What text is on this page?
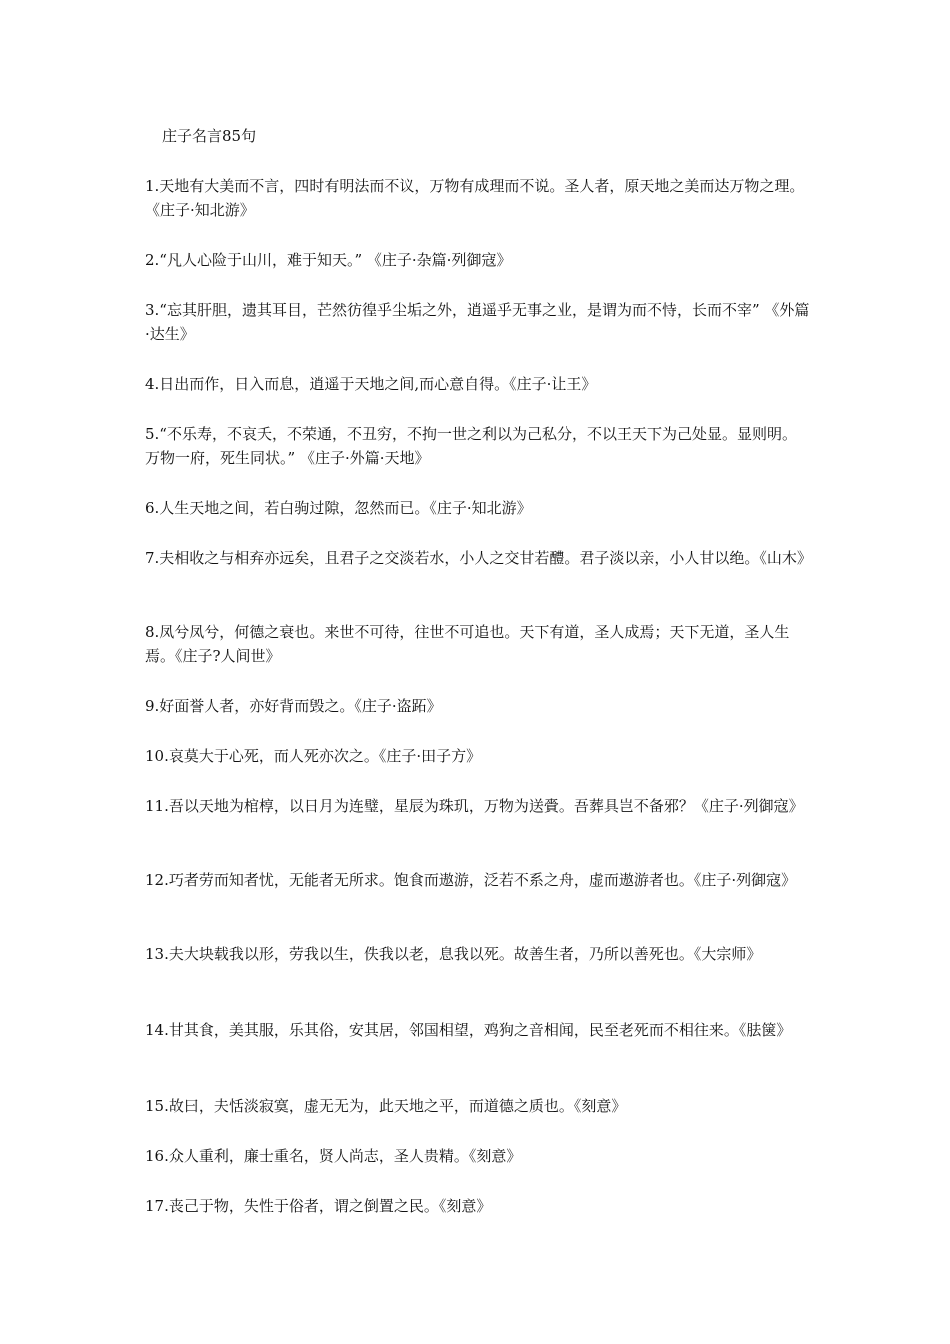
庄子名言85句

1.天地有大美而不言，四时有明法而不议，万物有成理而不说。圣人者，原天地之美而达万物之理。《庄子·知北游》

2.“凡人心险于山川，难于知天。” 《庄子·杂篇·列御寇》

3.“忘其肝胆，遗其耳目，芒然彷徨乎尘垢之外，逍遥乎无事之业，是谓为而不恃，长而不宰” 《外篇·达生》

4.日出而作，日入而息，逍遥于天地之间,而心意自得。《庄子·让王》

5.“不乐寿，不哀夭，不荣通，不丑穷，不拘一世之利以为己私分，不以王天下为己处显。显则明。万物一府，死生同状。” 《庄子·外篇·天地》

6.人生天地之间，若白驹过隙，忽然而已。《庄子·知北游》

7.夫相收之与相弃亦远矣，且君子之交淡若水，小人之交甘若醴。君子淡以亲，小人甘以绝。《山木》

8.凤兮凤兮，何德之衰也。来世不可待，往世不可追也。天下有道，圣人成焉；天下无道，圣人生焉。《庄子?人间世》

9.好面誉人者，亦好背而毁之。《庄子·盗跖》

10.哀莫大于心死，而人死亦次之。《庄子·田子方》

11.吾以天地为棺椁，以日月为连璧，星辰为珠玑，万物为送賫。吾葬具岂不备邪？《庄子·列御寇》

12.巧者劳而知者忧，无能者无所求。饱食而遨游，泛若不系之舟，虚而遨游者也。《庄子·列御寇》

13.夫大块载我以形，劳我以生，佚我以老，息我以死。故善生者，乃所以善死也。《大宗师》

14.甘其食，美其服，乐其俗，安其居，邻国相望，鸡狗之音相闻，民至老死而不相往来。《胠箧》

15.故曰，夫恬淡寂寞，虚无无为，此天地之平，而道德之质也。《刻意》

16.众人重利，廉士重名，贤人尚志，圣人贵精。《刻意》

17.丧己于物，失性于俗者，谓之倒置之民。《刻意》
